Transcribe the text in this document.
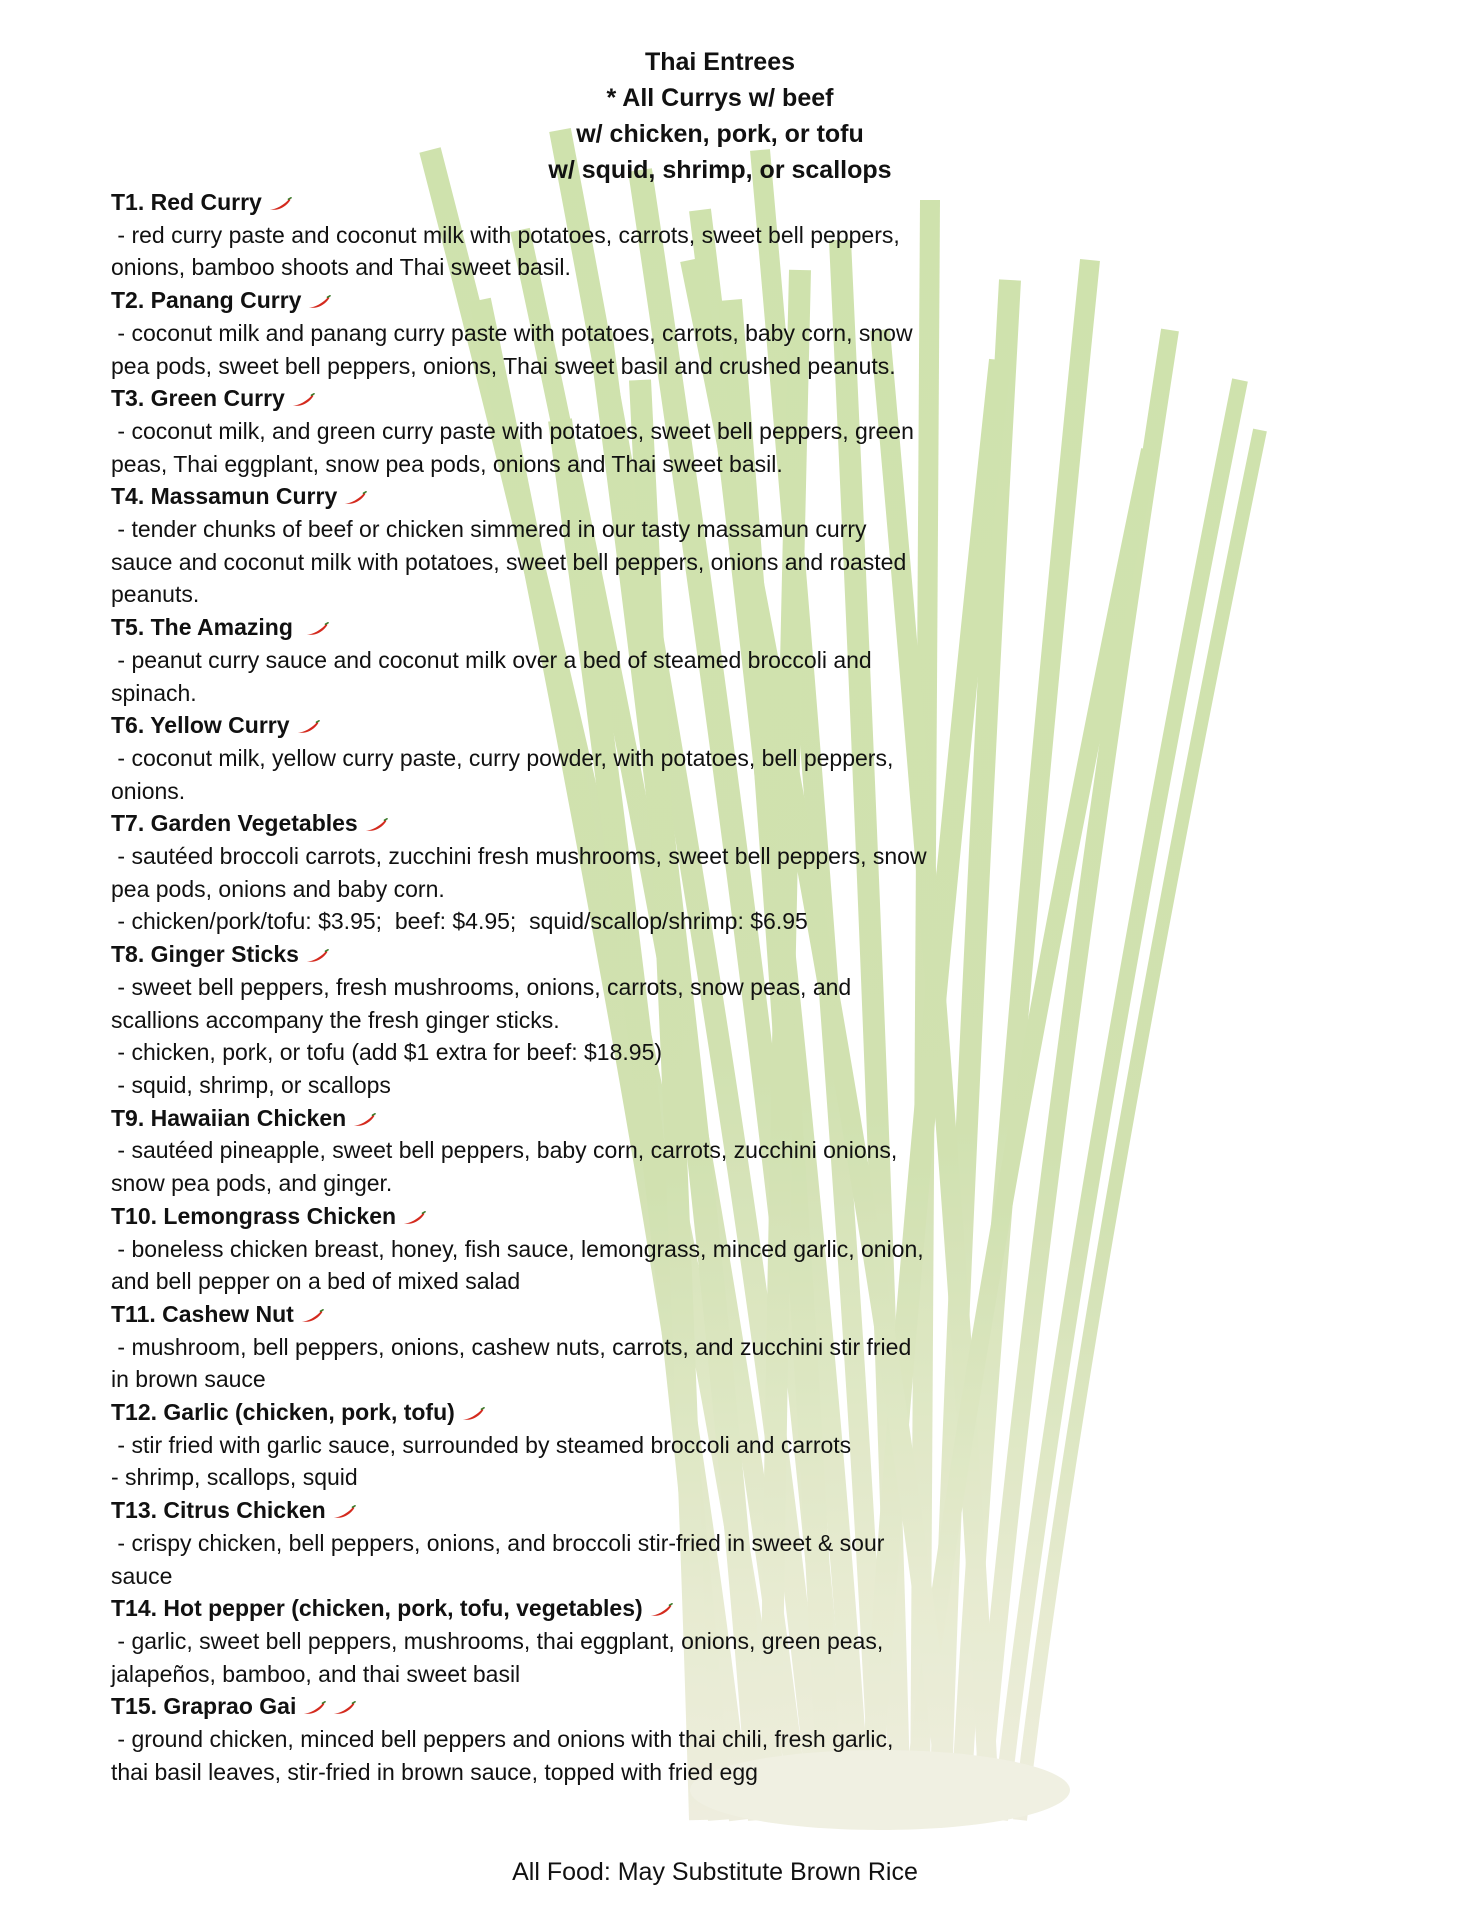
Thai Entrees
* All Currys w/ beef
w/ chicken, pork, or tofu
w/ squid, shrimp, or scallops
T1. Red Curry
- red curry paste and coconut milk with potatoes, carrots, sweet bell peppers, onions, bamboo shoots and Thai sweet basil.
T2. Panang Curry
- coconut milk and panang curry paste with potatoes, carrots, baby corn, snow pea pods, sweet bell peppers, onions, Thai sweet basil and crushed peanuts.
T3. Green Curry
- coconut milk, and green curry paste with potatoes, sweet bell peppers, green peas, Thai eggplant, snow pea pods, onions and Thai sweet basil.
T4. Massamun Curry
- tender chunks of beef or chicken simmered in our tasty massamun curry sauce and coconut milk with potatoes, sweet bell peppers, onions and roasted peanuts.
T5. The Amazing
- peanut curry sauce and coconut milk over a bed of steamed broccoli and spinach.
T6. Yellow Curry
- coconut milk, yellow curry paste, curry powder, with potatoes, bell peppers, onions.
T7. Garden Vegetables
- sautéed broccoli carrots, zucchini fresh mushrooms, sweet bell peppers, snow pea pods, onions and baby corn.
- chicken/pork/tofu: $3.95;  beef: $4.95;  squid/scallop/shrimp: $6.95
T8. Ginger Sticks
- sweet bell peppers, fresh mushrooms, onions, carrots, snow peas, and scallions accompany the fresh ginger sticks.
- chicken, pork, or tofu (add $1 extra for beef: $18.95)
- squid, shrimp, or scallops
T9. Hawaiian Chicken
- sautéed pineapple, sweet bell peppers, baby corn, carrots, zucchini onions, snow pea pods, and ginger.
T10. Lemongrass Chicken
- boneless chicken breast, honey, fish sauce, lemongrass, minced garlic, onion, and bell pepper on a bed of mixed salad
T11. Cashew Nut
- mushroom, bell peppers, onions, cashew nuts, carrots, and zucchini stir fried in brown sauce
T12. Garlic (chicken, pork, tofu)
- stir fried with garlic sauce, surrounded by steamed broccoli and carrots
- shrimp, scallops, squid
T13. Citrus Chicken
- crispy chicken, bell peppers, onions, and broccoli stir-fried in sweet & sour sauce
T14. Hot pepper (chicken, pork, tofu, vegetables)
- garlic, sweet bell peppers, mushrooms, thai eggplant, onions, green peas, jalapeños, bamboo, and thai sweet basil
T15. Graprao Gai
- ground chicken, minced bell peppers and onions with thai chili, fresh garlic, thai basil leaves, stir-fried in brown sauce, topped with fried egg
All Food: May Substitute Brown Rice
